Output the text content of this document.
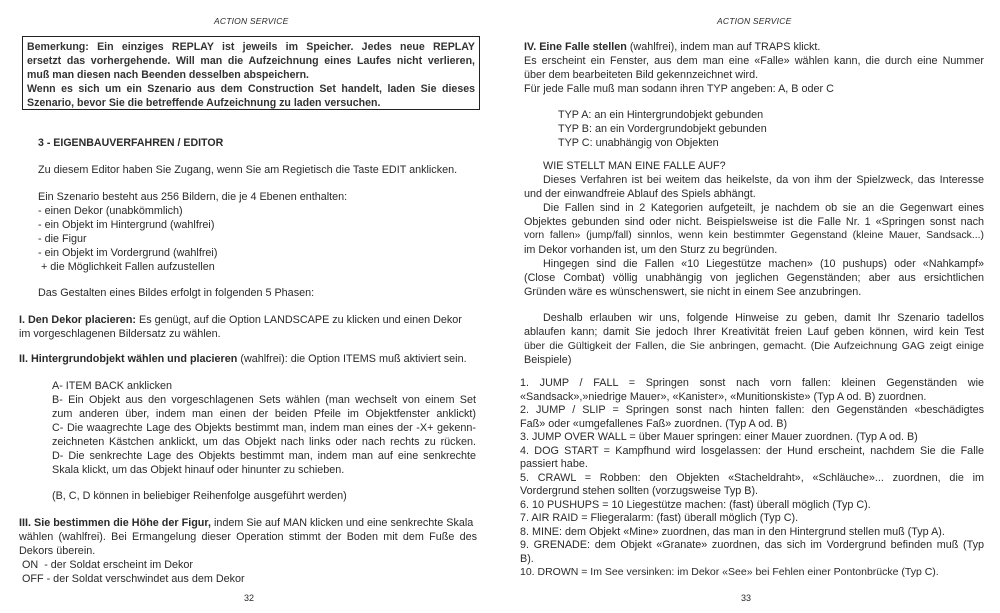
ACTION SERVICE

Bemerkung: Ein einziges REPLAY ist jeweils im Speicher. Jedes neue REPLAY

ersetzt das vorhergehende. Will man die Aufzeichnung eines Laufes nicht verlieren,

muß man diesen nach Beenden desselben abspeichern.

Wenn es sich um ein Szenario aus dem Construction Set handelt, laden Sie dieses

Szenario, bevor Sie die betreffende Aufzeichnung zu laden versuchen.

3 - EIGENBAUVERFAHREN / EDITOR
Zu diesem Editor haben Sie Zugang, wenn Sie am Regietisch die Taste EDIT anklicken.
Ein Szenario besteht aus 256 Bildern, die je 4 Ebenen enthalten:
- einen Dekor (unabkömmlich)
- ein Objekt im Hintergrund (wahlfrei)
- die Figur
- ein Objekt im Vordergrund (wahlfrei)
+ die Möglichkeit Fallen aufzustellen
Das Gestalten eines Bildes erfolgt in folgenden 5 Phasen:
I. Den Dekor placieren: Es genügt, auf die Option LANDSCAPE zu klicken und einen Dekor
im vorgeschlagenen Bildersatz zu wählen.
II. Hintergrundobjekt wählen und placieren (wahlfrei): die Option ITEMS muß aktiviert sein.
A- ITEM BACK anklicken
B- Ein Objekt aus den vorgeschlagenen Sets wählen (man wechselt von einem Set
zum anderen über, indem man einen der beiden Pfeile im Objektfenster anklickt)
C- Die waagrechte Lage des Objekts bestimmt man, indem man eines der -X+ gekenn-
zeichneten Kästchen anklickt, um das Objekt nach links oder nach rechts zu rücken.
D- Die senkrechte Lage des Objekts bestimmt man, indem man auf eine senkrechte
Skala klickt, um das Objekt hinauf oder hinunter zu schieben.
(B, C, D können in beliebiger Reihenfolge ausgeführt werden)
III. Sie bestimmen die Höhe der Figur, indem Sie auf MAN klicken und eine senkrechte Skala
wählen (wahlfrei). Bei Ermangelung dieser Operation stimmt der Boden mit dem Fuße des
Dekors überein.
ON  - der Soldat erscheint im Dekor
OFF - der Soldat verschwindet aus dem Dekor
32
ACTION SERVICE
IV. Eine Falle stellen (wahlfrei), indem man auf TRAPS klickt.
Es erscheint ein Fenster, aus dem man eine «Falle» wählen kann, die durch eine Nummer
über dem bearbeiteten Bild gekennzeichnet wird.
Für jede Falle muß man sodann ihren TYP angeben: A, B oder C
TYP A: an ein Hintergrundobjekt gebunden
TYP B: an ein Vordergrundobjekt gebunden
TYP C: unabhängig von Objekten
WIE STELLT MAN EINE FALLE AUF?
Dieses Verfahren ist bei weitem das heikelste, da von ihm der Spielzweck, das Interesse
und der einwandfreie Ablauf des Spiels abhängt.
Die Fallen sind in 2 Kategorien aufgeteilt, je nachdem ob sie an die Gegenwart eines
Objektes gebunden sind oder nicht. Beispielsweise ist die Falle Nr. 1 «Springen sonst nach
vorn fallen» (jump/fall) sinnlos, wenn kein bestimmter Gegenstand (kleine Mauer, Sandsack...)
im Dekor vorhanden ist, um den Sturz zu begründen.
Hingegen sind die Fallen «10 Liegestütze machen» (10 pushups) oder «Nahkampf»
(Close Combat) völlig unabhängig von jeglichen Gegenständen; aber aus ersichtlichen
Gründen wäre es wünschenswert, sie nicht in einem See anzubringen.
Deshalb erlauben wir uns, folgende Hinweise zu geben, damit Ihr Szenario tadellos
ablaufen kann; damit Sie jedoch Ihrer Kreativität freien Lauf geben können, wird kein Test
über die Gültigkeit der Fallen, die Sie anbringen, gemacht. (Die Aufzeichnung GAG zeigt einige
Beispiele)
1. JUMP / FALL = Springen sonst nach vorn fallen: kleinen Gegenständen wie
«Sandsack»,»niedrige Mauer», «Kanister», «Munitionskiste» (Typ A od. B) zuordnen.
2. JUMP / SLIP = Springen sonst nach hinten fallen: den Gegenständen «beschädigtes
Faß» oder «umgefallenes Faß» zuordnen. (Typ A od. B)
3. JUMP OVER WALL = über Mauer springen: einer Mauer zuordnen. (Typ A od. B)
4. DOG START = Kampfhund wird losgelassen: der Hund erscheint, nachdem Sie die Falle
passiert habe.
5. CRAWL = Robben: den Objekten «Stacheldraht», «Schläuche»... zuordnen, die im
Vordergrund stehen sollten (vorzugsweise Typ B).
6. 10 PUSHUPS = 10 Liegestütze machen: (fast) überall möglich (Typ C).
7. AIR RAID = Fliegeralarm: (fast) überall möglich (Typ C).
8. MINE: dem Objekt «Mine» zuordnen, das man in den Hintergrund stellen muß (Typ A).
9. GRENADE: dem Objekt «Granate» zuordnen, das sich im Vordergrund befinden muß (Typ
B).
10. DROWN = Im See versinken: im Dekor «See» bei Fehlen einer Pontonbrücke (Typ C).
33
